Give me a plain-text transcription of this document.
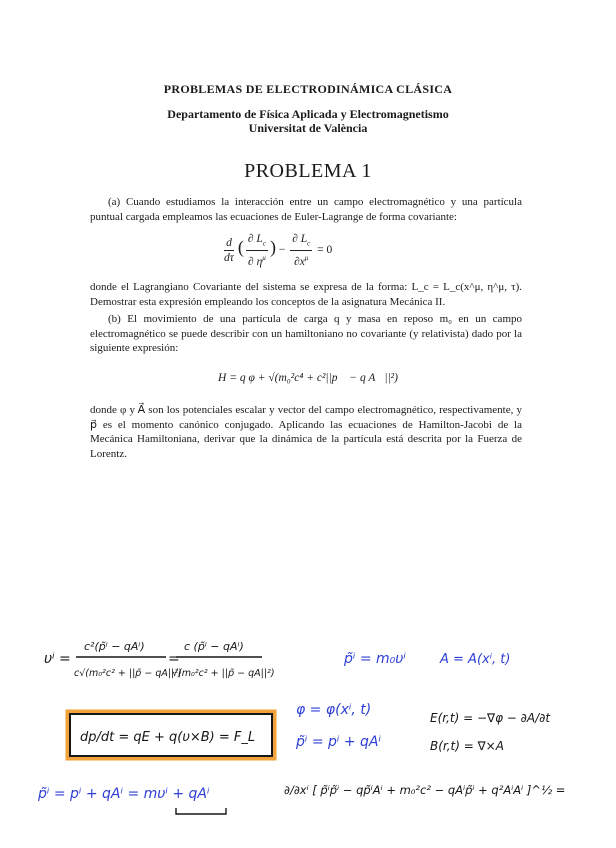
PROBLEMAS DE ELECTRODINÁMICA CLÁSICA
Departamento de Física Aplicada y Electromagnetismo
Universitat de València
PROBLEMA 1

(a) Cuando estudiamos la interacción entre un campo electromagnético y una partícula puntual cargada empleamos las ecuaciones de Euler-Lagrange de forma covariante:

$\frac{d}{d\tau}$ ( $\frac{\partial L_c}{\partial \eta^\mu}$ ) − $\frac{\partial L_c}{\partial x^\mu} = 0$

donde el Lagrangiano Covariante del sistema se expresa de la forma: L_c = L_c(x^μ, η^μ, τ). Demostrar esta expresión empleando los conceptos de la asignatura Mecánica II.

(b) El movimiento de una partícula de carga q y masa en reposo m₀ en un campo electromagnético se puede describir con un hamiltoniano no covariante (y relativista) dado por la siguiente expresión:

H = q φ + √(m₀²c⁴ + c²||p⃗ − q A⃗||²)

donde φ y A⃗ son los potenciales escalar y vector del campo electromagnético, respectivamente, y p⃗ es el momento canónico conjugado. Aplicando las ecuaciones de Hamilton-Jacobi de la Mecánica Hamiltoniana, derivar que la dinámica de la partícula está descrita por la Fuerza de Lorentz.

υⁱ =
c²(p̃ⁱ − qAⁱ)
c√(m₀²c² + ||p̃ − qA||²)
=
c (p̃ⁱ − qAⁱ)
√(m₀²c² + ||p̃ − qA||²)
p̃ⁱ = m₀υⁱ	A = A(xⁱ, t)
φ = φ(xⁱ, t)
p̃ⁱ = pⁱ + qAⁱ
E(r,t) = −∇φ − ∂A/∂t
B(r,t) = ∇×A
dp/dt = qE + q(υ×B) = F_L
p̃ⁱ = pⁱ + qAⁱ = mυⁱ + qAⁱ	∂/∂xⁱ [ p̃ⁱp̃ⁱ − qp̃ⁱAⁱ + m₀²c² − qAⁱp̃ⁱ + q²AⁱAⁱ ]^½ =
